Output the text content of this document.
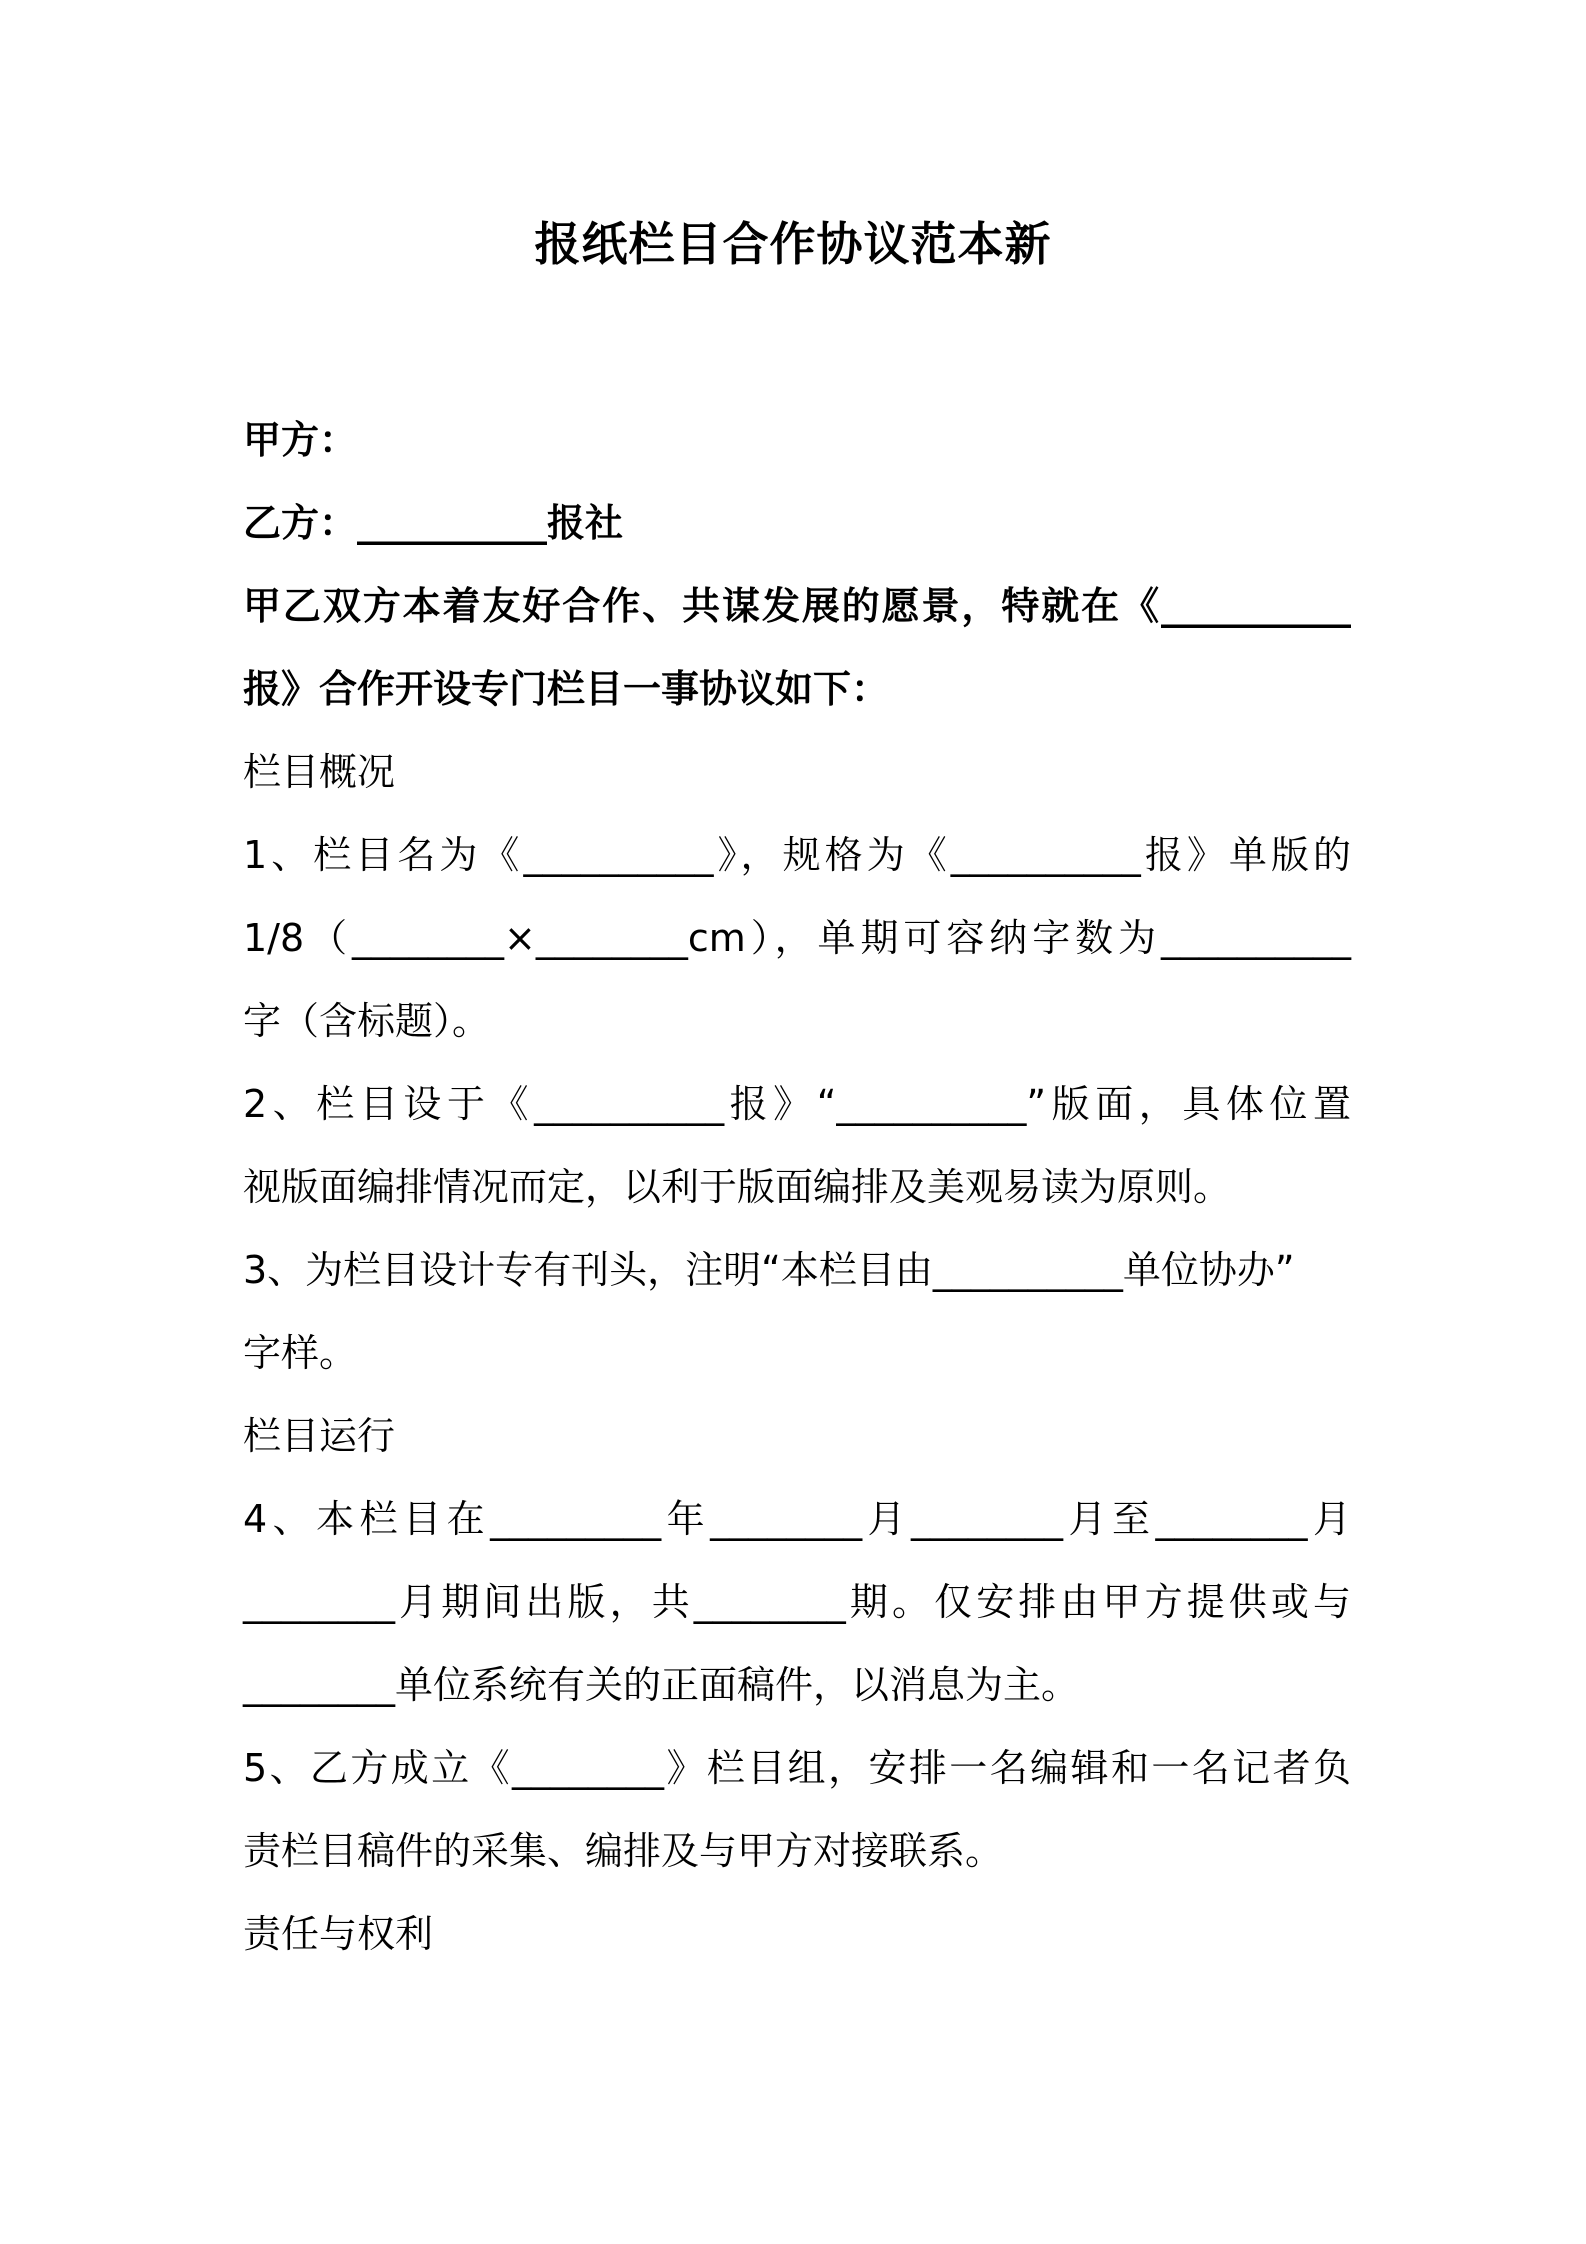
报纸栏目合作协议范本新
甲方：
乙方：__________报社
甲乙双方本着友好合作、共谋发展的愿景，特就在《__________
报》合作开设专门栏目一事协议如下：
栏目概况
1、栏目名为《__________》，规格为《__________报》单版的
1/8（________×________cm），单期可容纳字数为__________
字（含标题）。
2、栏目设于《__________报》“__________”版面，具体位置
视版面编排情况而定，以利于版面编排及美观易读为原则。
3、为栏目设计专有刊头，注明“本栏目由__________单位协办”
字样。
栏目运行
4、本栏目在_________年________月________月至________月
________月期间出版，共________期。仅安排由甲方提供或与
________单位系统有关的正面稿件，以消息为主。
5、乙方成立《________》栏目组，安排一名编辑和一名记者负
责栏目稿件的采集、编排及与甲方对接联系。
责任与权利
